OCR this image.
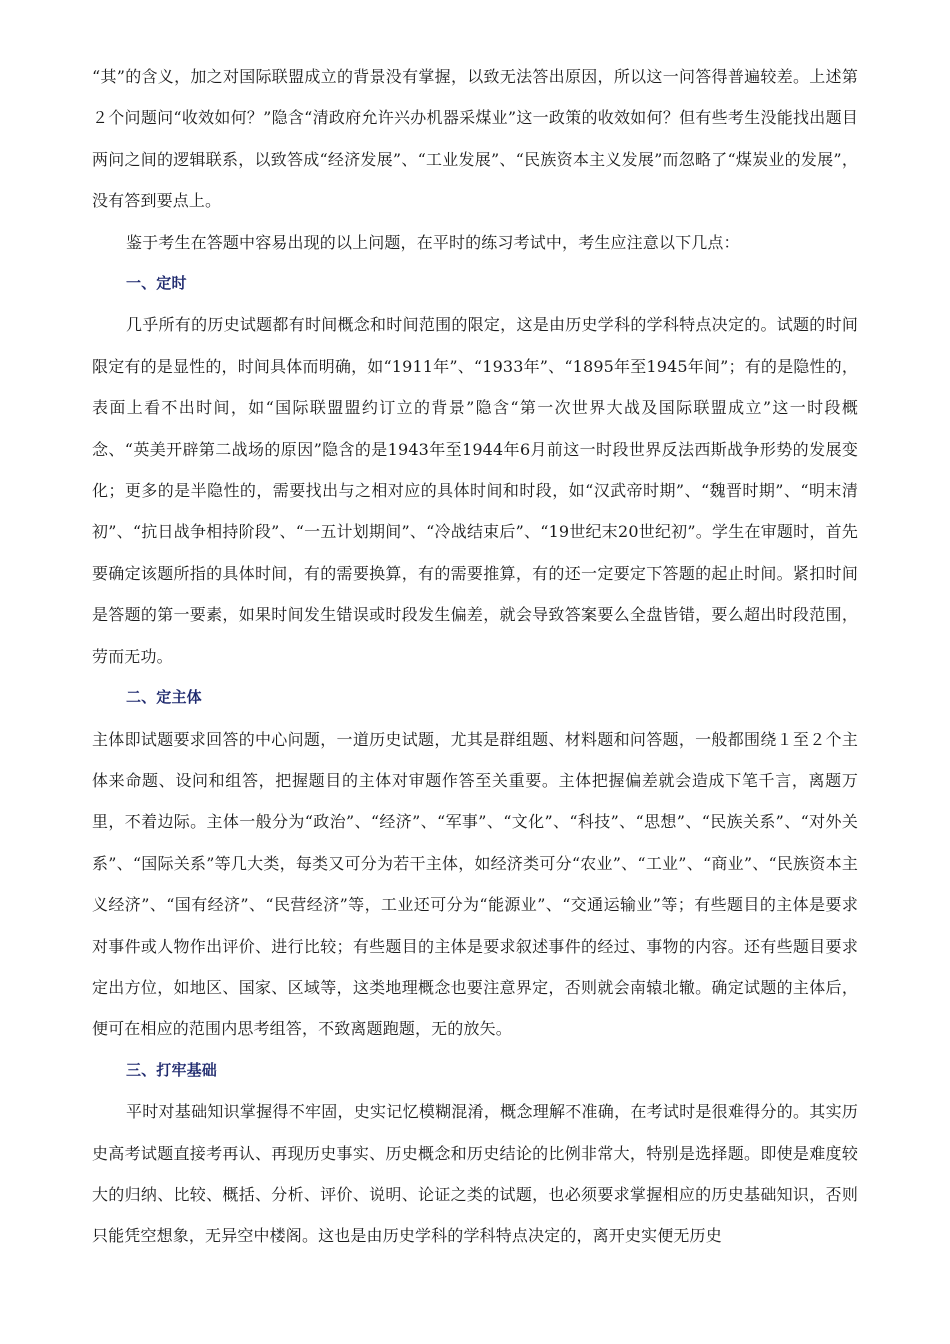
“其”的含义，加之对国际联盟成立的背景没有掌握，以致无法答出原因，所以这一问答得普遍较差。上述第２个问题问“收效如何？”隐含“清政府允许兴办机器采煤业”这一政策的收效如何？但有些考生没能找出题目两问之间的逻辑联系，以致答成“经济发展”、“工业发展”、“民族资本主义发展”而忽略了“煤炭业的发展”，没有答到要点上。

鉴于考生在答题中容易出现的以上问题，在平时的练习考试中，考生应注意以下几点：

一、定时

几乎所有的历史试题都有时间概念和时间范围的限定，这是由历史学科的学科特点决定的。试题的时间限定有的是显性的，时间具体而明确，如“1911年”、“1933年”、“1895年至1945年间”；有的是隐性的，表面上看不出时间，如“国际联盟盟约订立的背景”隐含“第一次世界大战及国际联盟成立”这一时段概念、“英美开辟第二战场的原因”隐含的是1943年至1944年6月前这一时段世界反法西斯战争形势的发展变化；更多的是半隐性的，需要找出与之相对应的具体时间和时段，如“汉武帝时期”、“魏晋时期”、“明末清初”、“抗日战争相持阶段”、“一五计划期间”、“冷战结束后”、“19世纪末20世纪初”。学生在审题时，首先要确定该题所指的具体时间，有的需要换算，有的需要推算，有的还一定要定下答题的起止时间。紧扣时间是答题的第一要素，如果时间发生错误或时段发生偏差，就会导致答案要么全盘皆错，要么超出时段范围，劳而无功。

二、定主体

主体即试题要求回答的中心问题，一道历史试题，尤其是群组题、材料题和问答题，一般都围绕１至２个主体来命题、设问和组答，把握题目的主体对审题作答至关重要。主体把握偏差就会造成下笔千言，离题万里，不着边际。主体一般分为“政治”、“经济”、“军事”、“文化”、“科技”、“思想”、“民族关系”、“对外关系”、“国际关系”等几大类，每类又可分为若干主体，如经济类可分“农业”、“工业”、“商业”、“民族资本主义经济”、“国有经济”、“民营经济”等，工业还可分为“能源业”、“交通运输业”等；有些题目的主体是要求对事件或人物作出评价、进行比较；有些题目的主体是要求叙述事件的经过、事物的内容。还有些题目要求定出方位，如地区、国家、区域等，这类地理概念也要注意界定，否则就会南辕北辙。确定试题的主体后，便可在相应的范围内思考组答，不致离题跑题，无的放矢。

三、打牢基础

平时对基础知识掌握得不牢固，史实记忆模糊混淆，概念理解不准确，在考试时是很难得分的。其实历史高考试题直接考再认、再现历史事实、历史概念和历史结论的比例非常大，特别是选择题。即使是难度较大的归纳、比较、概括、分析、评价、说明、论证之类的试题，也必须要求掌握相应的历史基础知识，否则只能凭空想象，无异空中楼阁。这也是由历史学科的学科特点决定的，离开史实便无历史
